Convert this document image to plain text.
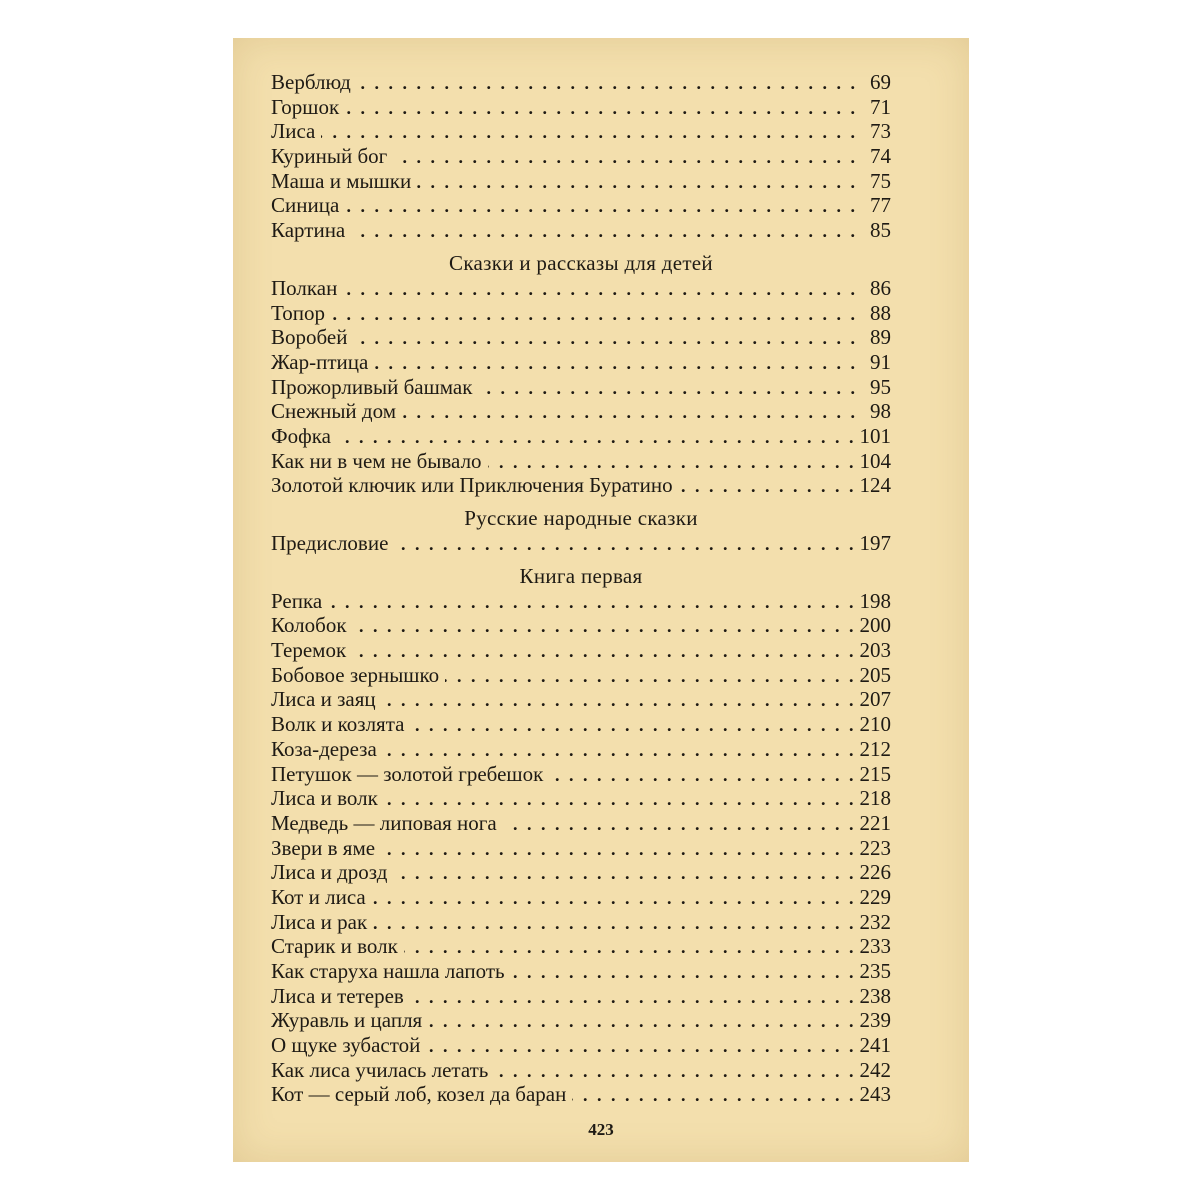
Верблюд . . .	69
Горшок . . .	71
Лиса . . .	73
Куриный бог . . .	74
Маша и мышки . . .	75
Синица . . .	77
Картина . . .	85
Сказки и рассказы для детей
Полкан . . .	86
Топор . . .	88
Воробей . . .	89
Жар-птица . . .	91
Прожорливый башмак . . .	95
Снежный дом . . .	98
Фофка . . .	101
Как ни в чем не бывало . . .	104
Золотой ключик или Приключения Буратино . . .	124
Русские народные сказки
Предисловие . . .	197
Книга первая
Репка . . .	198
Колобок . . .	200
Теремок . . .	203
Бобовое зернышко . . .	205
Лиса и заяц . . .	207
Волк и козлята . . .	210
Коза-дереза . . .	212
Петушок — золотой гребешок . . .	215
Лиса и волк . . .	218
Медведь — липовая нога . . .	221
Звери в яме . . .	223
Лиса и дрозд . . .	226
Кот и лиса . . .	229
Лиса и рак . . .	232
Старик и волк . . .	233
Как старуха нашла лапоть . . .	235
Лиса и тетерев . . .	238
Журавль и цапля . . .	239
О щуке зубастой . . .	241
Как лиса училась летать . . .	242
Кот — серый лоб, козел да баран . . .	243
423
